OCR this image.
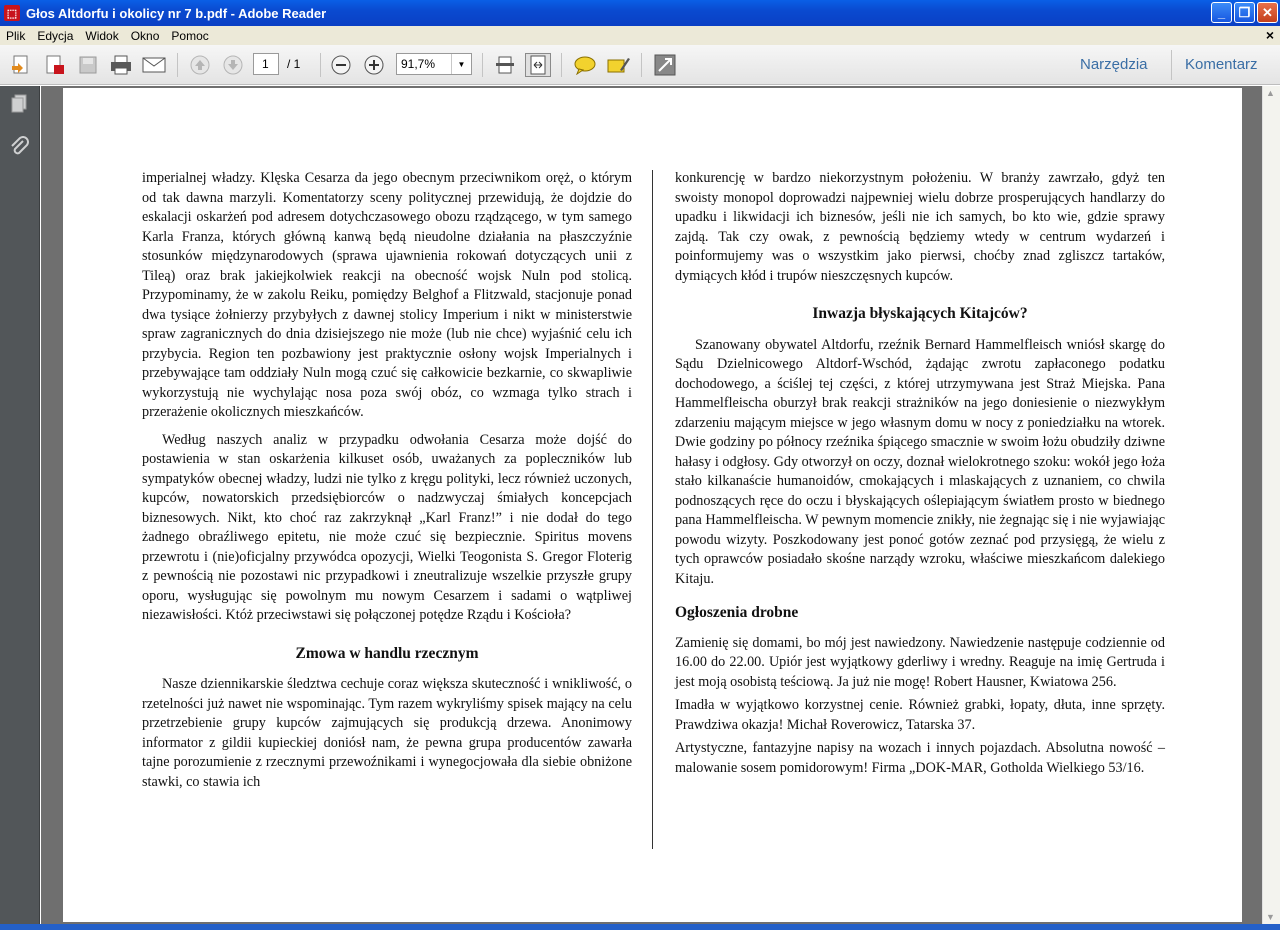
⬚ Głos Altdorfu i okolicy nr 7 b.pdf - Adobe Reader	_	❐ ✕
Plik	Edycja	Widok	Okno	Pomoc	×
1	/ 1	91,7%	▼	Narzędzia Komentarz

imperialnej władzy. Klęska Cesarza da jego obecnym przeciwnikom oręż, o którym od tak dawna marzyli. Komentatorzy sceny politycznej przewidują, że dojdzie do eskalacji oskarżeń pod adresem dotychczasowego obozu rządzącego, w tym samego Karla Franza, których główną kanwą będą nieudolne działania na płaszczyźnie stosunków międzynarodowych (sprawa ujawnienia rokowań dotyczących unii z Tileą) oraz brak jakiejkolwiek reakcji na obecność wojsk Nuln pod stolicą. Przypominamy, że w zakolu Reiku, pomiędzy Belghof a Flitzwald, stacjonuje ponad dwa tysiące żołnierzy przybyłych z dawnej stolicy Imperium i nikt w ministerstwie spraw zagranicznych do dnia dzisiejszego nie może (lub nie chce) wyjaśnić celu ich przybycia. Region ten pozbawiony jest praktycznie osłony wojsk Imperialnych i przebywające tam oddziały Nuln mogą czuć się całkowicie bezkarnie, co skwapliwie wykorzystują nie wychylając nosa poza swój obóz, co wzmaga tylko strach i przerażenie okolicznych mieszkańców.

Według naszych analiz w przypadku odwołania Cesarza może dojść do postawienia w stan oskarżenia kilkuset osób, uważanych za popleczników lub sympatyków obecnej władzy, ludzi nie tylko z kręgu polityki, lecz również uczonych, kupców, nowatorskich przedsiębiorców o nadzwyczaj śmiałych koncepcjach biznesowych. Nikt, kto choć raz zakrzyknął „Karl Franz!” i nie dodał do tego żadnego obraźliwego epitetu, nie może czuć się bezpiecznie. Spiritus movens przewrotu i (nie)oficjalny przywódca opozycji, Wielki Teogonista S. Gregor Floterig z pewnością nie pozostawi nic przypadkowi i zneutralizuje wszelkie przyszłe grupy oporu, wysługując się powolnym mu nowym Cesarzem i sadami o wątpliwej niezawisłości. Któż przeciwstawi się połączonej potędze Rządu i Kościoła?

Zmowa w handlu rzecznym

Nasze dziennikarskie śledztwa cechuje coraz większa skuteczność i wnikliwość, o rzetelności już nawet nie wspominając. Tym razem wykryliśmy spisek mający na celu przetrzebienie grupy kupców zajmujących się produkcją drzewa. Anonimowy informator z gildii kupieckiej doniósł nam, że pewna grupa producentów zawarła tajne porozumienie z rzecznymi przewoźnikami i wynegocjowała dla siebie obniżone stawki, co stawia ich

konkurencję w bardzo niekorzystnym położeniu. W branży zawrzało, gdyż ten swoisty monopol doprowadzi najpewniej wielu dobrze prosperujących handlarzy do upadku i likwidacji ich biznesów, jeśli nie ich samych, bo kto wie, gdzie sprawy zajdą. Tak czy owak, z pewnością będziemy wtedy w centrum wydarzeń i poinformujemy was o wszystkim jako pierwsi, choćby znad zgliszcz tartaków, dymiących kłód i trupów nieszczęsnych kupców.

Inwazja błyskających Kitajców?

Szanowany obywatel Altdorfu, rzeźnik Bernard Hammelfleisch wniósł skargę do Sądu Dzielnicowego Altdorf-Wschód, żądając zwrotu zapłaconego podatku dochodowego, a ściślej tej części, z której utrzymywana jest Straż Miejska. Pana Hammelfleischa oburzył brak reakcji strażników na jego doniesienie o niezwykłym zdarzeniu mającym miejsce w jego własnym domu w nocy z poniedziałku na wtorek. Dwie godziny po północy rzeźnika śpiącego smacznie w swoim łożu obudziły dziwne hałasy i odgłosy. Gdy otworzył on oczy, doznał wielokrotnego szoku: wokół jego łoża stało kilkanaście humanoidów, cmokających i mlaskających z uznaniem, co chwila podnoszących ręce do oczu i błyskających oślepiającym światłem prosto w biednego pana Hammelfleischa. W pewnym momencie znikły, nie żegnając się i nie wyjawiając powodu wizyty. Poszkodowany jest ponoć gotów zeznać pod przysięgą, że wielu z tych oprawców posiadało skośne narządy wzroku, właściwe mieszkańcom dalekiego Kitaju.

Ogłoszenia drobne

Zamienię się domami, bo mój jest nawiedzony. Nawiedzenie następuje codziennie od 16.00 do 22.00. Upiór jest wyjątkowy gderliwy i wredny. Reaguje na imię Gertruda i jest moją osobistą teściową. Ja już nie mogę! Robert Hausner, Kwiatowa 256.

Imadła w wyjątkowo korzystnej cenie. Również grabki, łopaty, dłuta, inne sprzęty. Prawdziwa okazja! Michał Roverowicz, Tatarska 37.

Artystyczne, fantazyjne napisy na wozach i innych pojazdach. Absolutna nowość – malowanie sosem pomidorowym! Firma „DOK-MAR, Gotholda Wielkiego 53/16.

▲
▼
